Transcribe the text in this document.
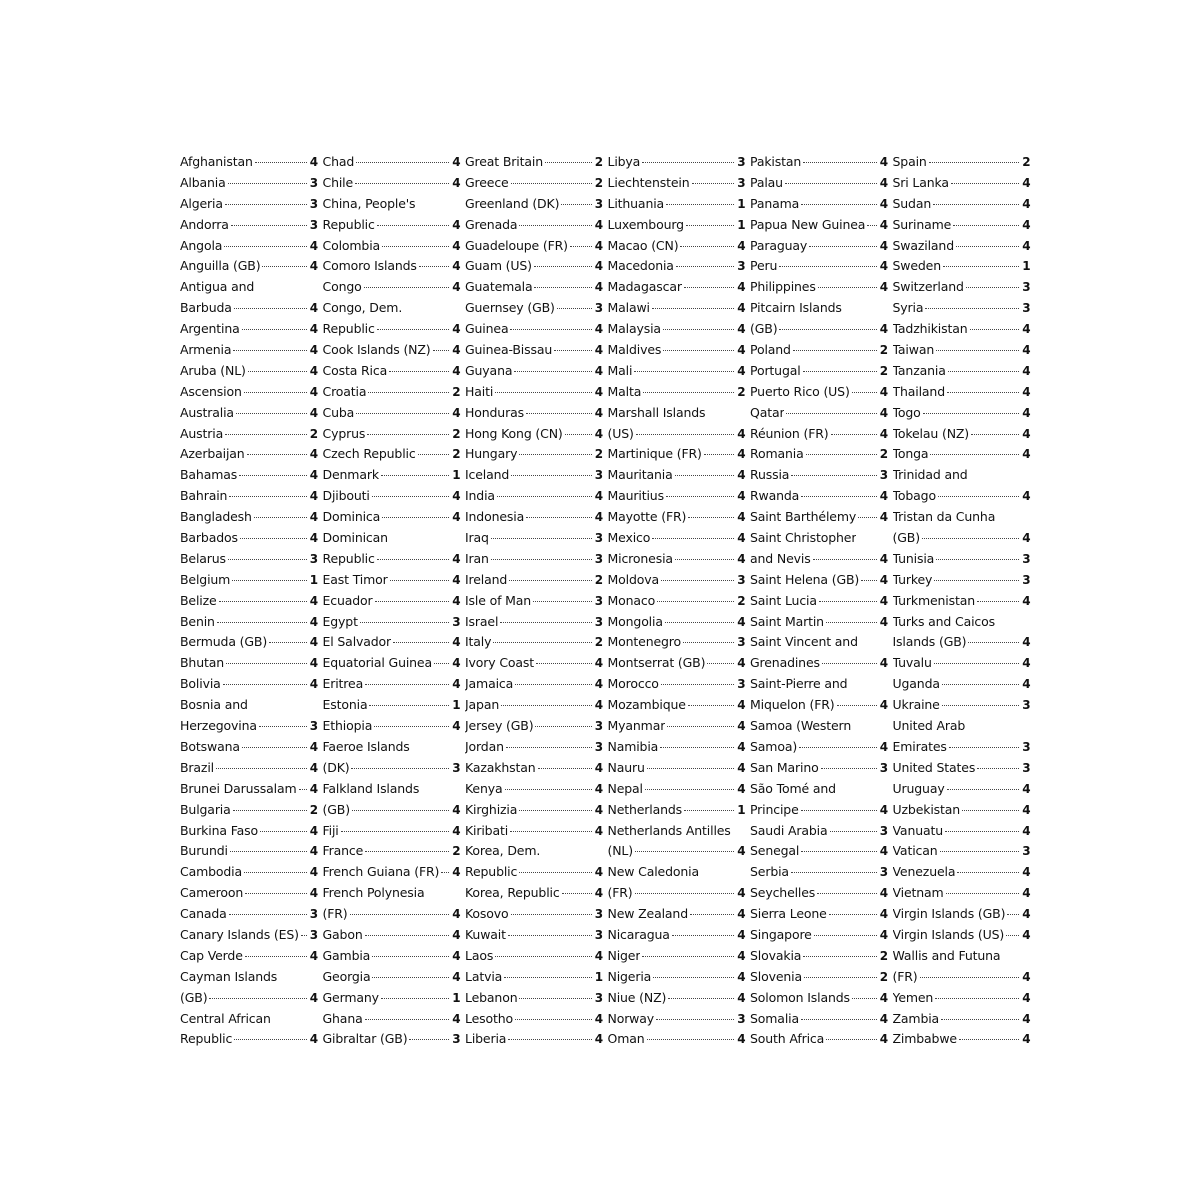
Afghanistan	4
Albania	3
Algeria	3
Andorra	3
Angola	4
Anguilla (GB)	4
Antigua and
Barbuda	4
Argentina	4
Armenia	4
Aruba (NL)	4
Ascension	4
Australia	4
Austria	2
Azerbaijan	4
Bahamas	4
Bahrain	4
Bangladesh	4
Barbados	4
Belarus	3
Belgium	1
Belize	4
Benin	4
Bermuda (GB)	4
Bhutan	4
Bolivia	4
Bosnia and
Herzegovina	3
Botswana	4
Brazil	4
Brunei Darussalam 4
Bulgaria	2
Burkina Faso	4
Burundi	4
Cambodia	4
Cameroon	4
Canada	3
Canary Islands (ES) 3
Cap Verde	4
Cayman Islands
(GB)	4
Central African
Republic	4
Chad	4
Chile	4
China, People's
Republic	4
Colombia	4
Comoro Islands	4
Congo	4
Congo, Dem.
Republic	4
Cook Islands (NZ) 4
Costa Rica	4
Croatia	2
Cuba	4
Cyprus	2
Czech Republic	2
Denmark	1
Djibouti	4
Dominica	4
Dominican
Republic	4
East Timor	4
Ecuador	4
Egypt	3
El Salvador	4
Equatorial Guinea 4
Eritrea	4
Estonia	1
Ethiopia	4
Faeroe Islands
(DK)	3
Falkland Islands
(GB)	4
Fiji	4
France	2
French Guiana (FR) 4
French Polynesia
(FR)	4
Gabon	4
Gambia	4
Georgia	4
Germany	1
Ghana	4
Gibraltar (GB)	3
Great Britain	2
Greece	2
Greenland (DK)	3
Grenada	4
Guadeloupe (FR) 4
Guam (US)	4
Guatemala	4
Guernsey (GB)	3
Guinea	4
Guinea-Bissau	4
Guyana	4
Haiti	4
Honduras	4
Hong Kong (CN)	4
Hungary	2
Iceland	3
India	4
Indonesia	4
Iraq	3
Iran	3
Ireland	2
Isle of Man	3
Israel	3
Italy	2
Ivory Coast	4
Jamaica	4
Japan	4
Jersey (GB)	3
Jordan	3
Kazakhstan	4
Kenya	4
Kirghizia	4
Kiribati	4
Korea, Dem.
Republic	4
Korea, Republic	4
Kosovo	3
Kuwait	3
Laos	4
Latvia	1
Lebanon	3
Lesotho	4
Liberia	4
Libya	3
Liechtenstein	3
Lithuania	1
Luxembourg	1
Macao (CN)	4
Macedonia	3
Madagascar	4
Malawi	4
Malaysia	4
Maldives	4
Mali	4
Malta	2
Marshall Islands
(US)	4
Martinique (FR)	4
Mauritania	4
Mauritius	4
Mayotte (FR)	4
Mexico	4
Micronesia	4
Moldova	3
Monaco	2
Mongolia	4
Montenegro	3
Montserrat (GB)	4
Morocco	3
Mozambique	4
Myanmar	4
Namibia	4
Nauru	4
Nepal	4
Netherlands	1
Netherlands Antilles
(NL)	4
New Caledonia
(FR)	4
New Zealand	4
Nicaragua	4
Niger	4
Nigeria	4
Niue (NZ)	4
Norway	3
Oman	4
Pakistan	4
Palau	4
Panama	4
Papua New Guinea 4
Paraguay	4
Peru	4
Philippines	4
Pitcairn Islands
(GB)	4
Poland	2
Portugal	2
Puerto Rico (US)	4
Qatar	4
Réunion (FR)	4
Romania	2
Russia	3
Rwanda	4
Saint Barthélemy 4
Saint Christopher
and Nevis	4
Saint Helena (GB) 4
Saint Lucia	4
Saint Martin	4
Saint Vincent and
Grenadines	4
Saint-Pierre and
Miquelon (FR)	4
Samoa (Western
Samoa)	4
San Marino	3
São Tomé and
Principe	4
Saudi Arabia	3
Senegal	4
Serbia	3
Seychelles	4
Sierra Leone	4
Singapore	4
Slovakia	2
Slovenia	2
Solomon Islands 4
Somalia	4
South Africa	4
Spain	2
Sri Lanka	4
Sudan	4
Suriname	4
Swaziland	4
Sweden	1
Switzerland	3
Syria	3
Tadzhikistan	4
Taiwan	4
Tanzania	4
Thailand	4
Togo	4
Tokelau (NZ)	4
Tonga	4
Trinidad and
Tobago	4
Tristan da Cunha
(GB)	4
Tunisia	3
Turkey	3
Turkmenistan	4
Turks and Caicos
Islands (GB)	4
Tuvalu	4
Uganda	4
Ukraine	3
United Arab
Emirates	3
United States	3
Uruguay	4
Uzbekistan	4
Vanuatu	4
Vatican	3
Venezuela	4
Vietnam	4
Virgin Islands (GB) 4
Virgin Islands (US) 4
Wallis and Futuna
(FR)	4
Yemen	4
Zambia	4
Zimbabwe	4
